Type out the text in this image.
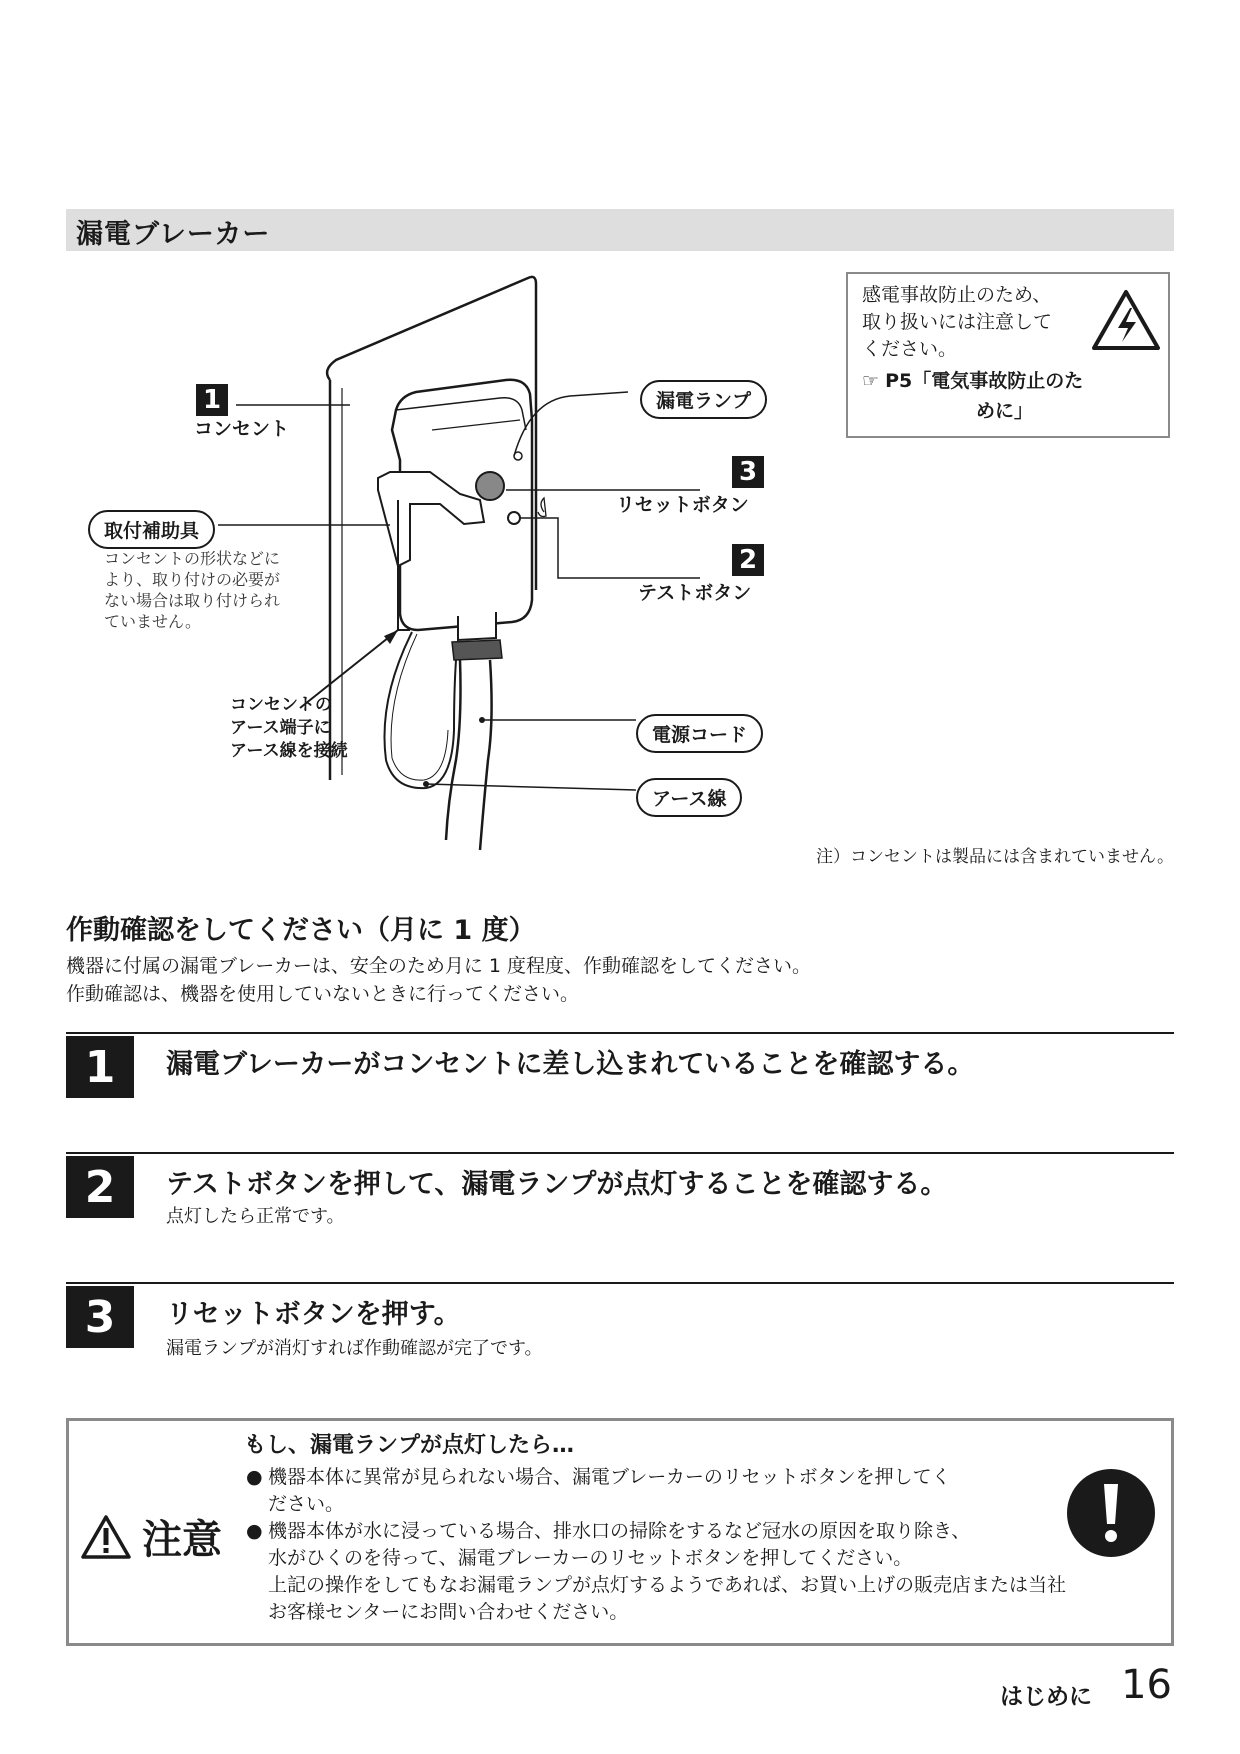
漏電ブレーカー
1
コンセント
漏電ランプ
3
リセットボタン
取付補助具
コンセントの形状などに
より、取り付けの必要が
ない場合は取り付けられ
ていません。
2
テストボタン
コンセントの
アース端子に
アース線を接続
電源コード
アース線
感電事故防止のため、
取り扱いには注意して
ください。
☞ P5「電気事故防止のた
めに」
注）コンセントは製品には含まれていません。
作動確認をしてください（月に 1 度）
機器に付属の漏電ブレーカーは、安全のため月に 1 度程度、作動確認をしてください。
作動確認は、機器を使用していないときに行ってください。
1	漏電ブレーカーがコンセントに差し込まれていることを確認する。
2	テストボタンを押して、漏電ランプが点灯することを確認する。
点灯したら正常です。
3	リセットボタンを押す。
漏電ランプが消灯すれば作動確認が完了です。
注意
もし、漏電ランプが点灯したら…
● 機器本体に異常が見られない場合、漏電ブレーカーのリセットボタンを押してく
ださい。
● 機器本体が水に浸っている場合、排水口の掃除をするなど冠水の原因を取り除き、
水がひくのを待って、漏電ブレーカーのリセットボタンを押してください。
上記の操作をしてもなお漏電ランプが点灯するようであれば、お買い上げの販売店または当社
お客様センターにお問い合わせください。
はじめに 16
